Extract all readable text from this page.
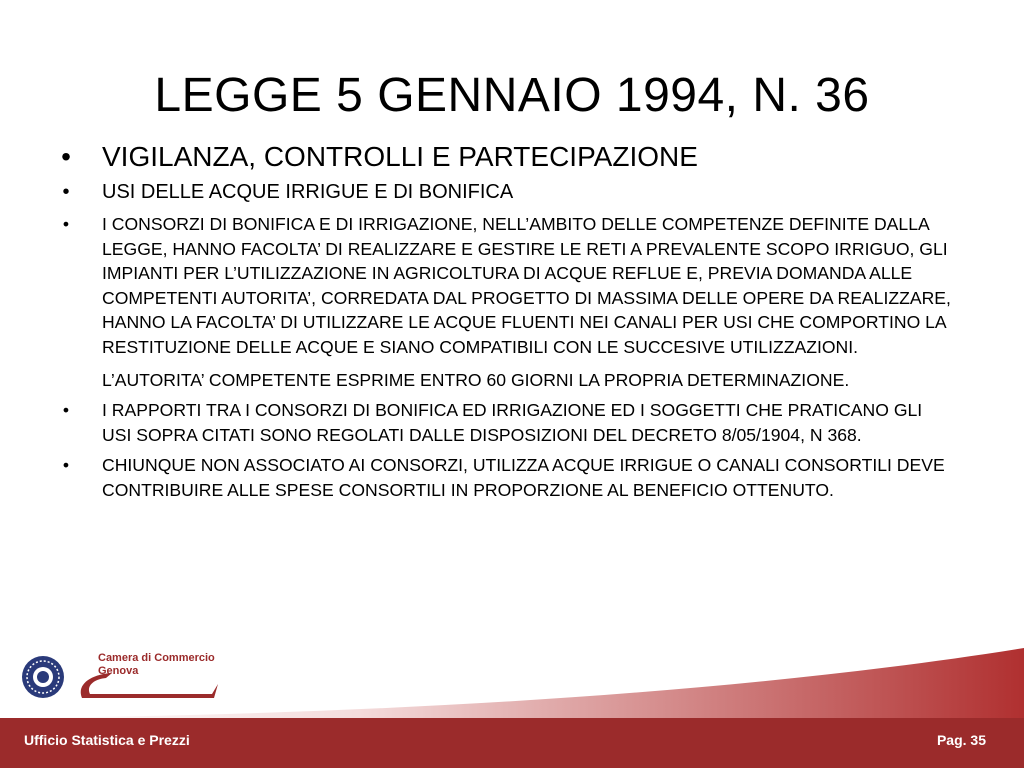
LEGGE 5 GENNAIO 1994, N. 36
• VIGILANZA, CONTROLLI E PARTECIPAZIONE
•	USI DELLE ACQUE IRRIGUE E DI BONIFICA
•	I CONSORZI DI BONIFICA E DI IRRIGAZIONE, NELL’AMBITO DELLE COMPETENZE DEFINITE DALLA LEGGE, HANNO FACOLTA’ DI REALIZZARE E GESTIRE LE RETI A PREVALENTE SCOPO IRRIGUO, GLI IMPIANTI PER L’UTILIZZAZIONE IN AGRICOLTURA DI ACQUE REFLUE E, PREVIA DOMANDA ALLE COMPETENTI AUTORITA’, CORREDATA DAL PROGETTO DI MASSIMA DELLE OPERE DA REALIZZARE, HANNO LA FACOLTA’ DI UTILIZZARE LE ACQUE FLUENTI NEI CANALI PER USI CHE COMPORTINO LA RESTITUZIONE DELLE ACQUE E SIANO COMPATIBILI CON LE SUCCESIVE UTILIZZAZIONI.

L’AUTORITA’ COMPETENTE ESPRIME ENTRO 60 GIORNI LA PROPRIA DETERMINAZIONE.

•	I RAPPORTI TRA I CONSORZI DI BONIFICA ED IRRIGAZIONE ED I SOGGETTI CHE PRATICANO GLI USI SOPRA CITATI SONO REGOLATI DALLE DISPOSIZIONI DEL DECRETO 8/05/1904, N 368.
•	CHIUNQUE NON ASSOCIATO AI CONSORZI, UTILIZZA ACQUE IRRIGUE O CANALI CONSORTILI DEVE CONTRIBUIRE ALLE SPESE CONSORTILI IN PROPORZIONE AL BENEFICIO OTTENUTO.
Camera di Commercio
Genova
Ufficio Statistica e Prezzi	Pag. 35
